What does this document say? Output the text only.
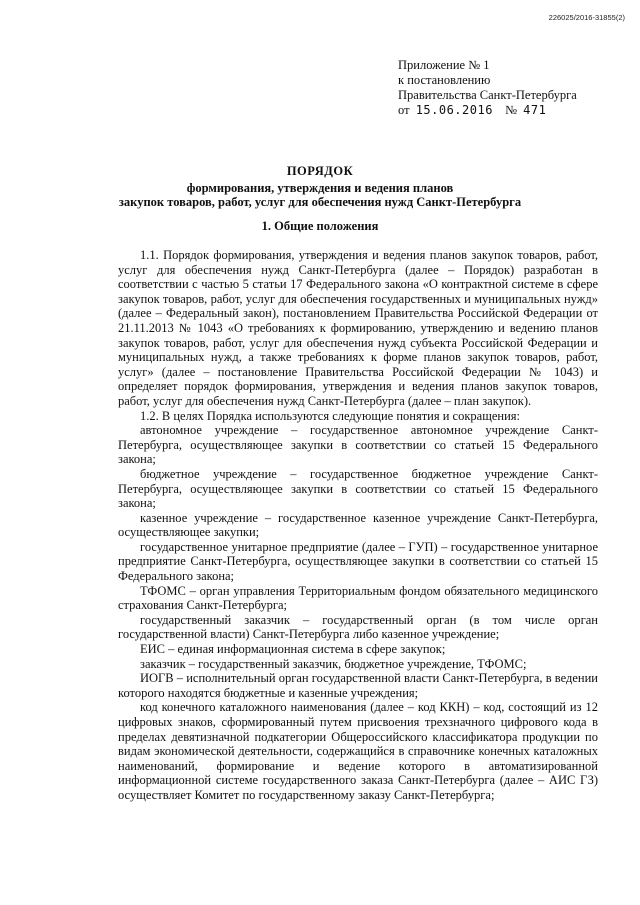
226025/2016-31855(2)
Приложение № 1
к постановлению
Правительства Санкт-Петербурга
от 15.06.2016 № 471
ПОРЯДОК
формирования, утверждения и ведения планов
закупок товаров, работ, услуг для обеспечения нужд Санкт-Петербурга
1. Общие положения

1.1. Порядок формирования, утверждения и ведения планов закупок товаров, работ, услуг для обеспечения нужд Санкт-Петербурга (далее – Порядок) разработан в соответствии с частью 5 статьи 17 Федерального закона «О контрактной системе в сфере закупок товаров, работ, услуг для обеспечения государственных и муниципальных нужд» (далее – Федеральный закон), постановлением Правительства Российской Федерации от 21.11.2013 № 1043 «О требованиях к формированию, утверждению и ведению планов закупок товаров, работ, услуг для обеспечения нужд субъекта Российской Федерации и муниципальных нужд, а также требованиях к форме планов закупок товаров, работ, услуг» (далее – постановление Правительства Российской Федерации № 1043) и определяет порядок формирования, утверждения и ведения планов закупок товаров, работ, услуг для обеспечения нужд Санкт-Петербурга (далее – план закупок).

1.2. В целях Порядка используются следующие понятия и сокращения:

автономное учреждение – государственное автономное учреждение Санкт-Петербурга, осуществляющее закупки в соответствии со статьей 15 Федерального закона;

бюджетное учреждение – государственное бюджетное учреждение Санкт-Петербурга, осуществляющее закупки в соответствии со статьей 15 Федерального закона;

казенное учреждение – государственное казенное учреждение Санкт-Петербурга, осуществляющее закупки;

государственное унитарное предприятие (далее – ГУП) – государственное унитарное предприятие Санкт-Петербурга, осуществляющее закупки в соответствии со статьей 15 Федерального закона;

ТФОМС – орган управления Территориальным фондом обязательного медицинского страхования Санкт-Петербурга;

государственный заказчик – государственный орган (в том числе орган государственной власти) Санкт-Петербурга либо казенное учреждение;

ЕИС – единая информационная система в сфере закупок;

заказчик – государственный заказчик, бюджетное учреждение, ТФОМС;

ИОГВ – исполнительный орган государственной власти Санкт-Петербурга, в ведении которого находятся бюджетные и казенные учреждения;

код конечного каталожного наименования (далее – код ККН) – код, состоящий из 12 цифровых знаков, сформированный путем присвоения трехзначного цифрового кода в пределах девятизначной подкатегории Общероссийского классификатора продукции по видам экономической деятельности, содержащийся в справочнике конечных каталожных наименований, формирование и ведение которого в автоматизированной информационной системе государственного заказа Санкт-Петербурга (далее – АИС ГЗ) осуществляет Комитет по государственному заказу Санкт-Петербурга;
